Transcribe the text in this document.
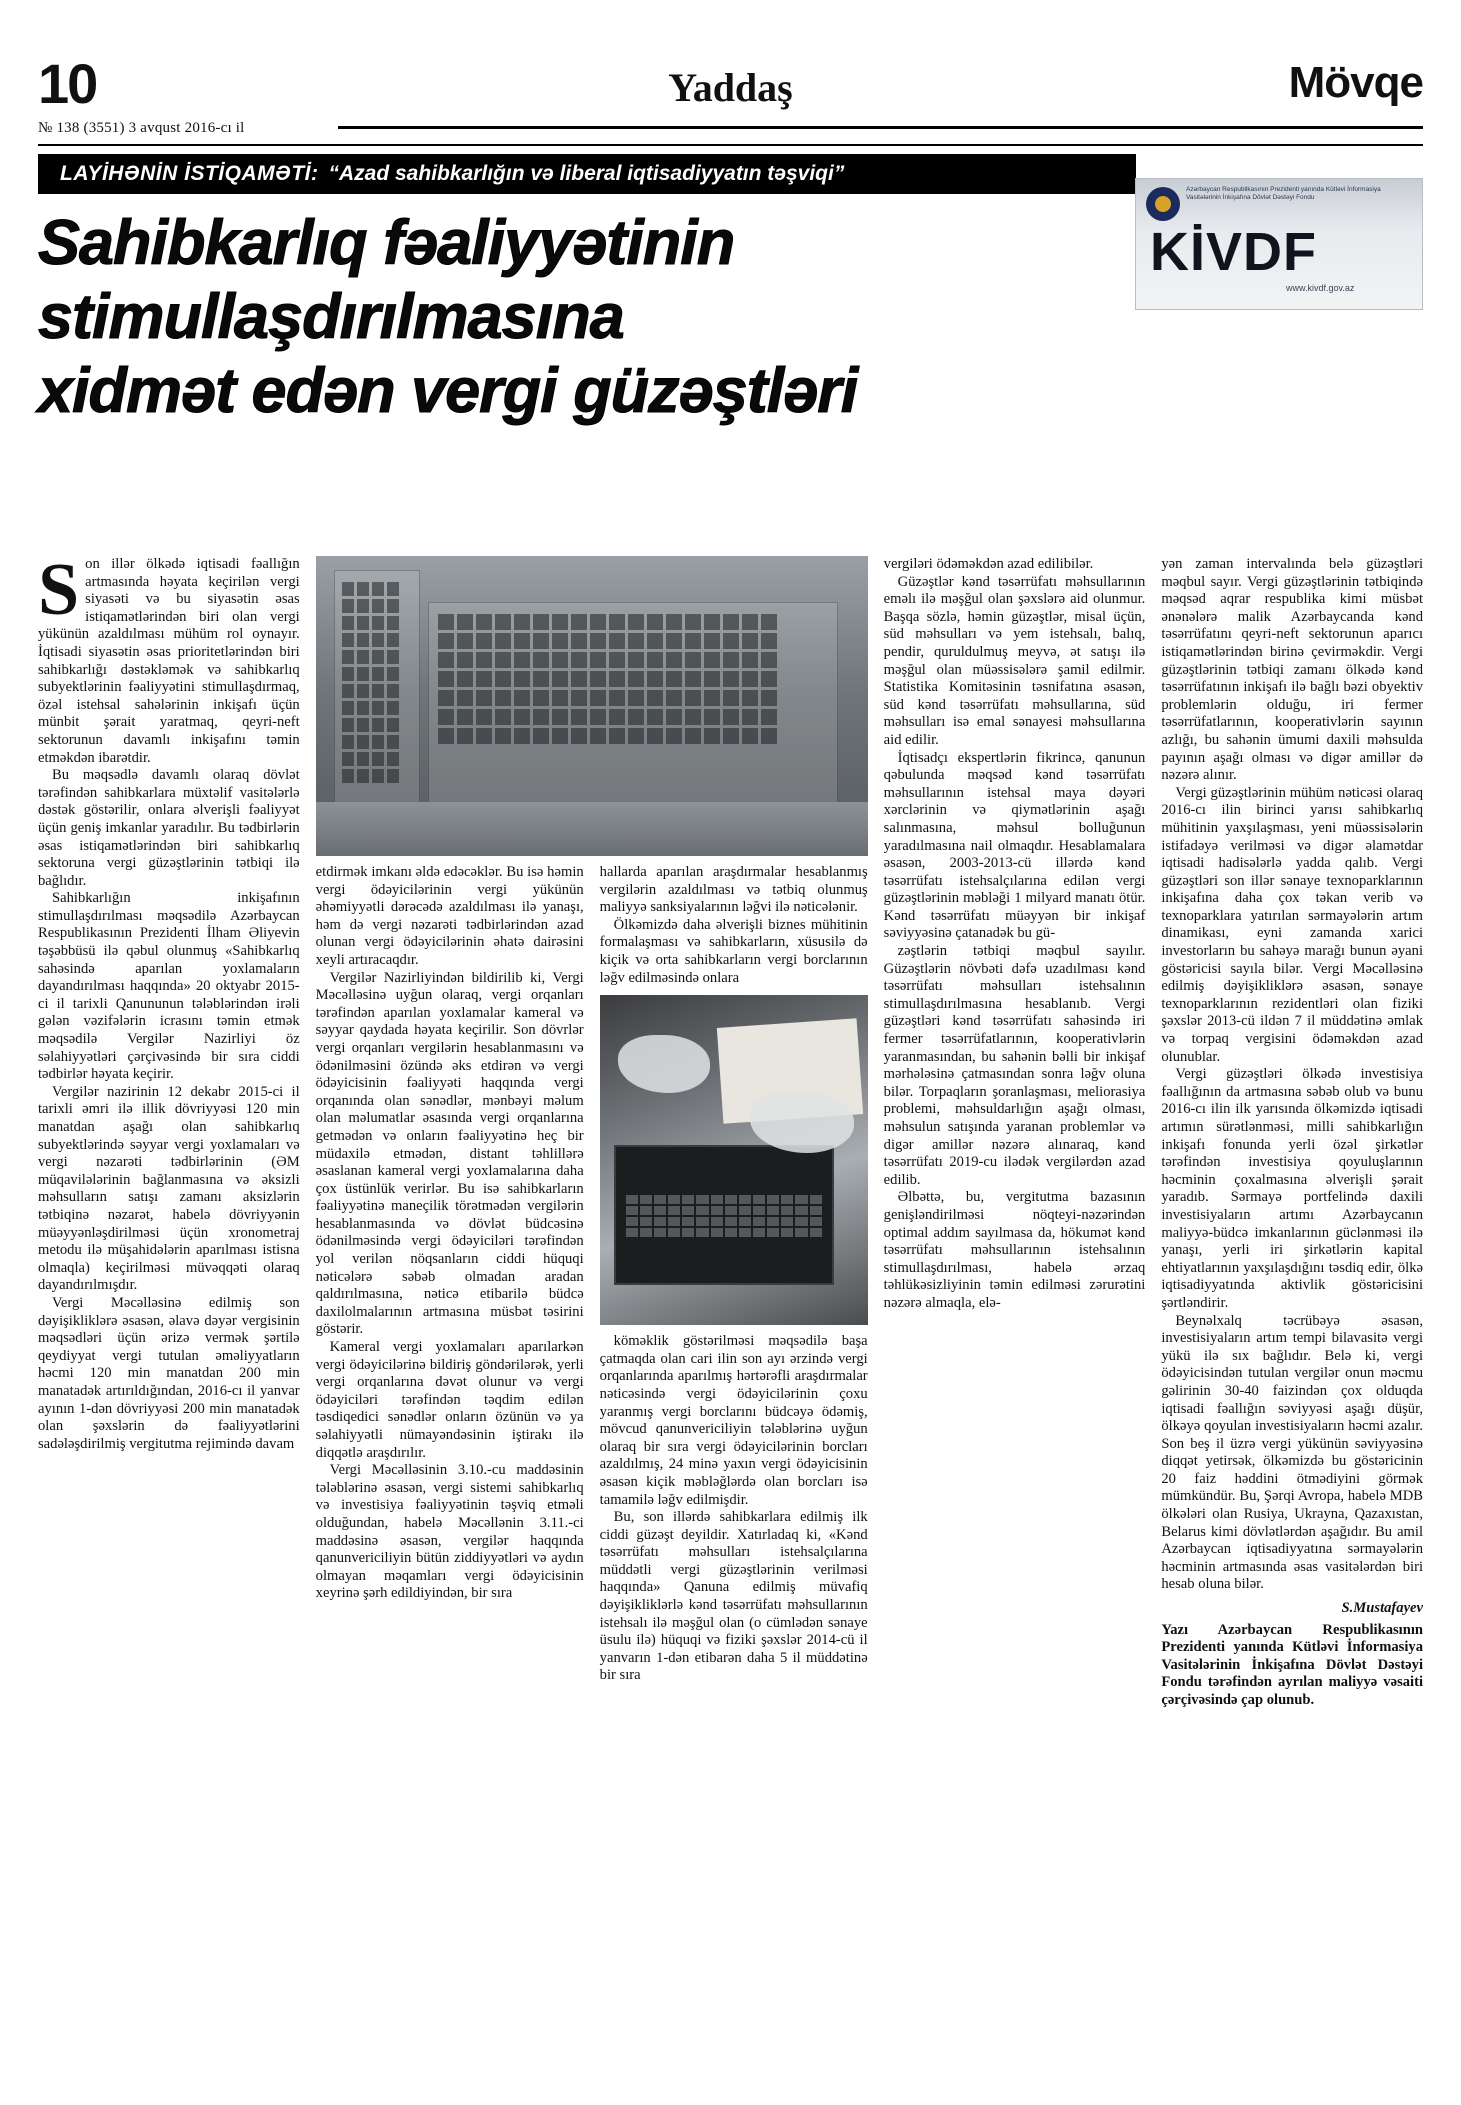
10	Yaddaş	Mövqe
№ 138 (3551) 3 avqust 2016-cı il
LAYİHƏNİN İSTİQAMƏTİ: “Azad sahibkarlığın və liberal iqtisadiyyatın təşviqi”
Azərbaycan Respublikasının Prezidenti yanında Kütləvi İnformasiya Vasitələrinin İnkişafına Dövlət Dəstəyi Fondu
KİVDF
www.kivdf.gov.az
Sahibkarlıq fəaliyyətinin stimullaşdırılmasına
xidmət edən vergi güzəştləri

Son illər ölkədə iqtisadi fəallığın artmasında həyata keçirilən vergi siyasəti və bu siyasətin əsas istiqamətlərindən biri olan vergi yükünün azaldılması mühüm rol oynayır. İqtisadi siyasətin əsas prioritetlərindən biri sahibkarlığı dəstəkləmək və sahibkarlıq subyektlərinin fəaliyyətini stimullaşdırmaq, özəl istehsal sahələrinin inkişafı üçün münbit şərait yaratmaq, qeyri-neft sektorunun davamlı inkişafını təmin etməkdən ibarətdir.

Bu məqsədlə davamlı olaraq dövlət tərəfindən sahibkarlara müxtəlif vasitələrlə dəstək göstərilir, onlara əlverişli fəaliyyət üçün geniş imkanlar yaradılır. Bu tədbirlərin əsas istiqamətlərindən biri sahibkarlıq sektoruna vergi güzəştlərinin tətbiqi ilə bağlıdır.

Sahibkarlığın inkişafının stimullaşdırılması məqsədilə Azərbaycan Respublikasının Prezidenti İlham Əliyevin təşəbbüsü ilə qəbul olunmuş «Sahibkarlıq sahəsində aparılan yoxlamaların dayandırılması haqqında» 20 oktyabr 2015-ci il tarixli Qanununun tələblərindən irəli gələn vəzifələrin icrasını təmin etmək məqsədilə Vergilər Nazirliyi öz səlahiyyətləri çərçivəsində bir sıra ciddi tədbirlər həyata keçirir.

Vergilər nazirinin 12 dekabr 2015-ci il tarixli əmri ilə illik dövriyyəsi 120 min manatdan aşağı olan sahibkarlıq subyektlərində səyyar vergi yoxlamaları və vergi nəzarəti tədbirlərinin (ƏM müqavilələrinin bağlanmasına və əksizli məhsulların satışı zamanı aksizlərin tətbiqinə nəzarət, habelə dövriyyənin müəyyənləşdirilməsi üçün xronometraj metodu ilə müşahidələrin aparılması istisna olmaqla) keçirilməsi müvəqqəti olaraq dayandırılmışdır.

Vergi Məcəlləsinə edilmiş son dəyişikliklərə əsasən, əlavə dəyər vergisinin məqsədləri üçün ərizə vermək şərtilə qeydiyyat vergi tutulan əməliyyatların həcmi 120 min manatdan 200 min manatadək artırıldığından, 2016-cı il yanvar ayının 1-dən dövriyyəsi 200 min manatadək olan şəxslərin də fəaliyyətlərini sadələşdirilmiş vergitutma rejimində davam

etdirmək imkanı əldə edəcəklər. Bu isə həmin vergi ödəyicilərinin vergi yükünün əhəmiyyətli dərəcədə azaldılması ilə yanaşı, həm də vergi nəzarəti tədbirlərindən azad olunan vergi ödəyicilərinin əhatə dairəsini xeyli artıracaqdır.

Vergilər Nazirliyindən bildirilib ki, Vergi Məcəlləsinə uyğun olaraq, vergi orqanları tərəfindən aparılan yoxlamalar kameral və səyyar qaydada həyata keçirilir. Son dövrlər vergi orqanları vergilərin hesablanmasını və ödənilməsini özündə əks etdirən və vergi ödəyicisinin fəaliyyəti haqqında vergi orqanında olan sənədlər, mənbəyi məlum olan məlumatlar əsasında vergi orqanlarına getmədən və onların fəaliyyətinə heç bir müdaxilə etmədən, distant təhlillərə əsaslanan kameral vergi yoxlamalarına daha çox üstünlük verirlər. Bu isə sahibkarların fəaliyyətinə maneçilik törətmədən vergilərin hesablanmasında və dövlət büdcəsinə ödənilməsində vergi ödəyiciləri tərəfindən yol verilən nöqsanların ciddi hüquqi nəticələrə səbəb olmadan aradan qaldırılmasına, nəticə etibarilə büdcə daxilolmalarının artmasına müsbət təsirini göstərir.

Kameral vergi yoxlamaları aparılarkən vergi ödəyicilərinə bildiriş göndərilərək, yerli vergi orqanlarına dəvət olunur və vergi ödəyiciləri tərəfindən təqdim edilən təsdiqedici sənədlər onların özünün və ya səlahiyyətli nümayəndəsinin iştirakı ilə diqqətlə araşdırılır.

Vergi Məcəlləsinin 3.10.-cu maddəsinin tələblərinə əsasən, vergi sistemi sahibkarlıq və investisiya fəaliyyətinin təşviq etməli olduğundan, habelə Məcəllənin 3.11.-ci maddəsinə əsasən, vergilər haqqında qanunvericiliyin bütün ziddiyyətləri və aydın olmayan məqamları vergi ödəyicisinin xeyrinə şərh edildiyindən, bir sıra

hallarda aparılan araşdırmalar hesablanmış vergilərin azaldılması və tətbiq olunmuş maliyyə sanksiyalarının ləğvi ilə nəticələnir.

Ölkəmizdə daha əlverişli biznes mühitinin formalaşması və sahibkarların, xüsusilə də kiçik və orta sahibkarların vergi borclarının ləğv edilməsində onlara

köməklik göstərilməsi məqsədilə başa çatmaqda olan cari ilin son ayı ərzində vergi orqanlarında aparılmış hərtərəfli araşdırmalar nəticəsində vergi ödəyicilərinin çoxu yaranmış vergi borclarını büdcəyə ödəmiş, mövcud qanunvericiliyin tələblərinə uyğun olaraq bir sıra vergi ödəyicilərinin borcları azaldılmış, 24 minə yaxın vergi ödəyicisinin əsasən kiçik məbləğlərdə olan borcları isə tamamilə ləğv edilmişdir.

Bu, son illərdə sahibkarlara edilmiş ilk ciddi güzəşt deyildir. Xatırladaq ki, «Kənd təsərrüfatı məhsulları istehsalçılarına müddətli vergi güzəştlərinin verilməsi haqqında» Qanuna edilmiş müvafiq dəyişikliklərlə kənd təsərrüfatı məhsullarının istehsalı ilə məşğul olan (o cümlədən sənaye üsulu ilə) hüquqi və fiziki şəxslər 2014-cü il yanvarın 1-dən etibarən daha 5 il müddətinə bir sıra

vergiləri ödəməkdən azad edilibilər.

Güzəştlər kənd təsərrüfatı məhsullarının eməlı ilə məşğul olan şəxslərə aid olunmur. Başqa sözlə, həmin güzəştlər, misal üçün, süd məhsulları və yem istehsalı, balıq, pendir, quruldulmuş meyvə, ət satışı ilə məşğul olan müəssisələrə şamil edilmir. Statistika Komitəsinin təsnifatına əsasən, süd kənd təsərrüfatı məhsullarına, süd məhsulları isə emal sənayesi məhsullarına aid edilir.

İqtisadçı ekspertlərin fikrincə, qanunun qəbulunda məqsəd kənd təsərrüfatı məhsullarının istehsal maya dəyəri xərclərinin və qiymətlərinin aşağı salınmasına, məhsul bolluğunun yaradılmasına nail olmaqdır. Hesablamalara əsasən, 2003-2013-cü illərdə kənd təsərrüfatı istehsalçılarına edilən vergi güzəştlərinin məbləği 1 milyard manatı ötür. Kənd təsərrüfatı müəyyən bir inkişaf səviyyəsinə çatanadək bu gü-

zəştlərin tətbiqi məqbul sayılır. Güzəştlərin növbəti dəfə uzadılması kənd təsərrüfatı məhsulları istehsalının stimullaşdırılmasına hesablanıb. Vergi güzəştləri kənd təsərrüfatı sahəsində iri fermer təsərrüfatlarının, kooperativlərin yaranmasından, bu sahənin bəlli bir inkişaf mərhələsinə çatmasından sonra ləğv oluna bilər. Torpaqların şoranlaşması, meliorasiya problemi, məhsuldarlığın aşağı olması, məhsulun satışında yaranan problemlər və digər amillər nəzərə alınaraq, kənd təsərrüfatı 2019-cu ilədək vergilərdən azad edilib.

Əlbəttə, bu, vergitutma bazasının genişləndirilməsi nöqteyi-nəzərindən optimal addım sayılmasa da, hökumət kənd təsərrüfatı məhsullarının istehsalının stimullaşdırılması, habelə ərzaq təhlükəsizliyinin təmin edilməsi zərurətini nəzərə almaqla, elə-

yən zaman intervalında belə güzəştləri məqbul sayır. Vergi güzəştlərinin tətbiqində məqsəd aqrar respublika kimi müsbət ənənələrə malik Azərbaycanda kənd təsərrüfatını qeyri-neft sektorunun aparıcı istiqamətlərindən birinə çevirməkdir. Vergi güzəştlərinin tətbiqi zamanı ölkədə kənd təsərrüfatının inkişafı ilə bağlı bəzi obyektiv problemlərin olduğu, iri fermer təsərrüfatlarının, kooperativlərin sayının azlığı, bu sahənin ümumi daxili məhsulda payının aşağı olması və digər amillər də nəzərə alınır.

Vergi güzəştlərinin mühüm nəticəsi olaraq 2016-cı ilin birinci yarısı sahibkarlıq mühitinin yaxşılaşması, yeni müəssisələrin istifadəyə verilməsi və digər əlamətdar iqtisadi hadisələrlə yadda qalıb. Vergi güzəştləri son illər sənaye texnoparklarının inkişafına daha çox təkan verib və texnoparklara yatırılan sərmayələrin artım dinamikası, eyni zamanda xarici investorların bu sahəyə marağı bunun əyani göstəricisi sayıla bilər. Vergi Məcəlləsinə edilmiş dəyişikliklərə əsasən, sənaye texnoparklarının rezidentləri olan fiziki şəxslər 2013-cü ildən 7 il müddətinə əmlak və torpaq vergisini ödəməkdən azad olunublar.

Vergi güzəştləri ölkədə investisiya fəallığının da artmasına səbəb olub və bunu 2016-cı ilin ilk yarısında ölkəmizdə iqtisadi artımın sürətlənməsi, milli sahibkarlığın inkişafı fonunda yerli özəl şirkətlər tərəfindən investisiya qoyuluşlarının həcminin çoxalmasına əlverişli şərait yaradıb. Sərmayə portfelində daxili investisiyaların artımı Azərbaycanın maliyyə-büdcə imkanlarının güclənməsi ilə yanaşı, yerli iri şirkətlərin kapital ehtiyatlarının yaxşılaşdığını təsdiq edir, ölkə iqtisadiyyatında aktivlik göstəricisini şərtləndirir.

Beynəlxalq təcrübəyə əsasən, investisiyaların artım tempi bilavasitə vergi yükü ilə sıx bağlıdır. Belə ki, vergi ödəyicisindən tutulan vergilər onun məcmu gəlirinin 30-40 faizindən çox olduqda iqtisadi fəallığın səviyyəsi aşağı düşür, ölkəyə qoyulan investisiyaların həcmi azalır. Son beş il üzrə vergi yükünün səviyyəsinə diqqət yetirsək, ölkəmizdə bu göstəricinin 20 faiz həddini ötmədiyini görmək mümkündür. Bu, Şərqi Avropa, habelə MDB ölkələri olan Rusiya, Ukrayna, Qazaxıstan, Belarus kimi dövlətlərdən aşağıdır. Bu amil Azərbaycan iqtisadiyyatına sərmayələrin həcminin artmasında əsas vasitələrdən biri hesab oluna bilər.

S.Mustafayev
Yazı Azərbaycan Respublikasının Prezidenti yanında Kütləvi İnformasiya Vasitələrinin İnkişafına Dövlət Dəstəyi Fondu tərəfindən ayrılan maliyyə vəsaiti çərçivəsində çap olunub.
